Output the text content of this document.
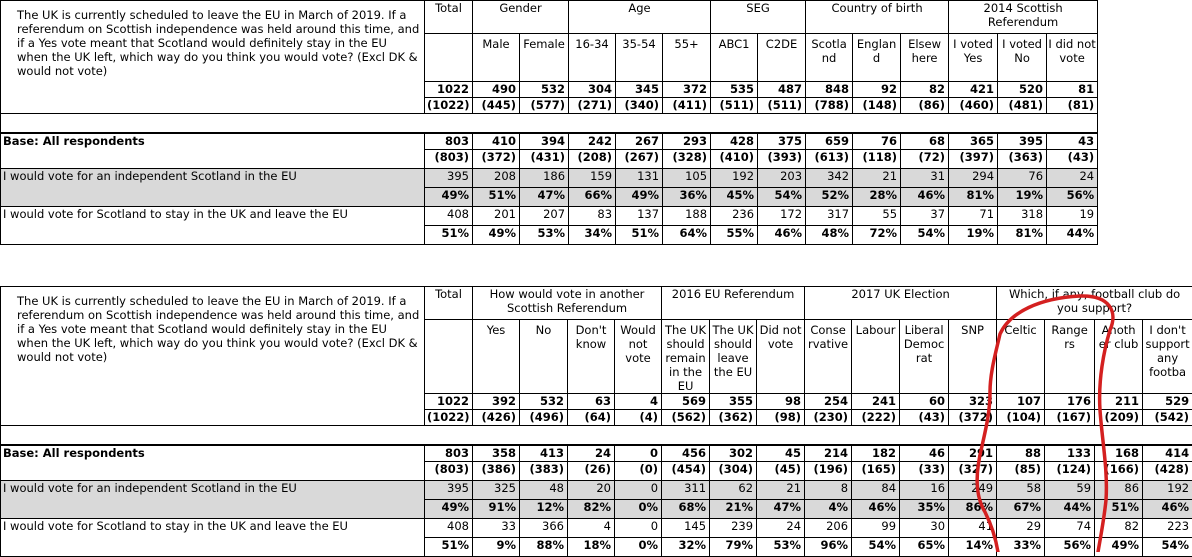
The UK is currently scheduled to leave the EU in March of 2019. If a referendum on Scottish independence was held around this time, and if a Yes vote meant that Scotland would definitely stay in the EU when the UK left, which way do you think you would vote? (Excl DK & would not vote)	Total	Gender		Age			SEG		Country of birth			2014 Scottish Referendum		
		Male	Female	16-34	35-54	55+	ABC1	C2DE	Scotla nd	Englan d	Elsew here	I voted Yes	I voted No	I did not vote
	1022	490	532	304	345	372	535	487	848	92	82	421	520	81
	(1022)	(445)	(577)	(271)	(340)	(411)	(511)	(511)	(788)	(148)	(86)	(460)	(481)	(81)

Base: All respondents	803	410	394	242	267	293	428	375	659	76	68	365	395	43
	(803)	(372)	(431)	(208)	(267)	(328)	(410)	(393)	(613)	(118)	(72)	(397)	(363)	(43)
I would vote for an independent Scotland in the EU	395	208	186	159	131	105	192	203	342	21	31	294	76	24
	49%	51%	47%	66%	49%	36%	45%	54%	52%	28%	46%	81%	19%	56%
I would vote for Scotland to stay in the UK and leave the EU	408	201	207	83	137	188	236	172	317	55	37	71	318	19
	51%	49%	53%	34%	51%	64%	55%	46%	48%	72%	54%	19%	81%	44%
The UK is currently scheduled to leave the EU in March of 2019. If a referendum on Scottish independence was held around this time, and if a Yes vote meant that Scotland would definitely stay in the EU when the UK left, which way do you think you would vote? (Excl DK & would not vote)	Total	How would vote in another Scottish Referendum				2016 EU Referendum			2017 UK Election				Which, if any, football club do you support?			
		Yes	No	Don't know	Would not vote	The UK should remain in the EU	The UK should leave the EU	Did not vote	Conse rvative	Labour	Liberal Democ rat	SNP	Celtic	Range rs	Anoth er club	I don't support any footba
	1022	392	532	63	4	569	355	98	254	241	60	323	107	176	211	529
	(1022)	(426)	(496)	(64)	(4)	(562)	(362)	(98)	(230)	(222)	(43)	(372)	(104)	(167)	(209)	(542)

Base: All respondents	803	358	413	24	0	456	302	45	214	182	46	291	88	133	168	414
	(803)	(386)	(383)	(26)	(0)	(454)	(304)	(45)	(196)	(165)	(33)	(327)	(85)	(124)	(166)	(428)
I would vote for an independent Scotland in the EU	395	325	48	20	0	311	62	21	8	84	16	249	58	59	86	192
	49%	91%	12%	82%	0%	68%	21%	47%	4%	46%	35%	86%	67%	44%	51%	46%
I would vote for Scotland to stay in the UK and leave the EU	408	33	366	4	0	145	239	24	206	99	30	41	29	74	82	223
	51%	9%	88%	18%	0%	32%	79%	53%	96%	54%	65%	14%	33%	56%	49%	54%
